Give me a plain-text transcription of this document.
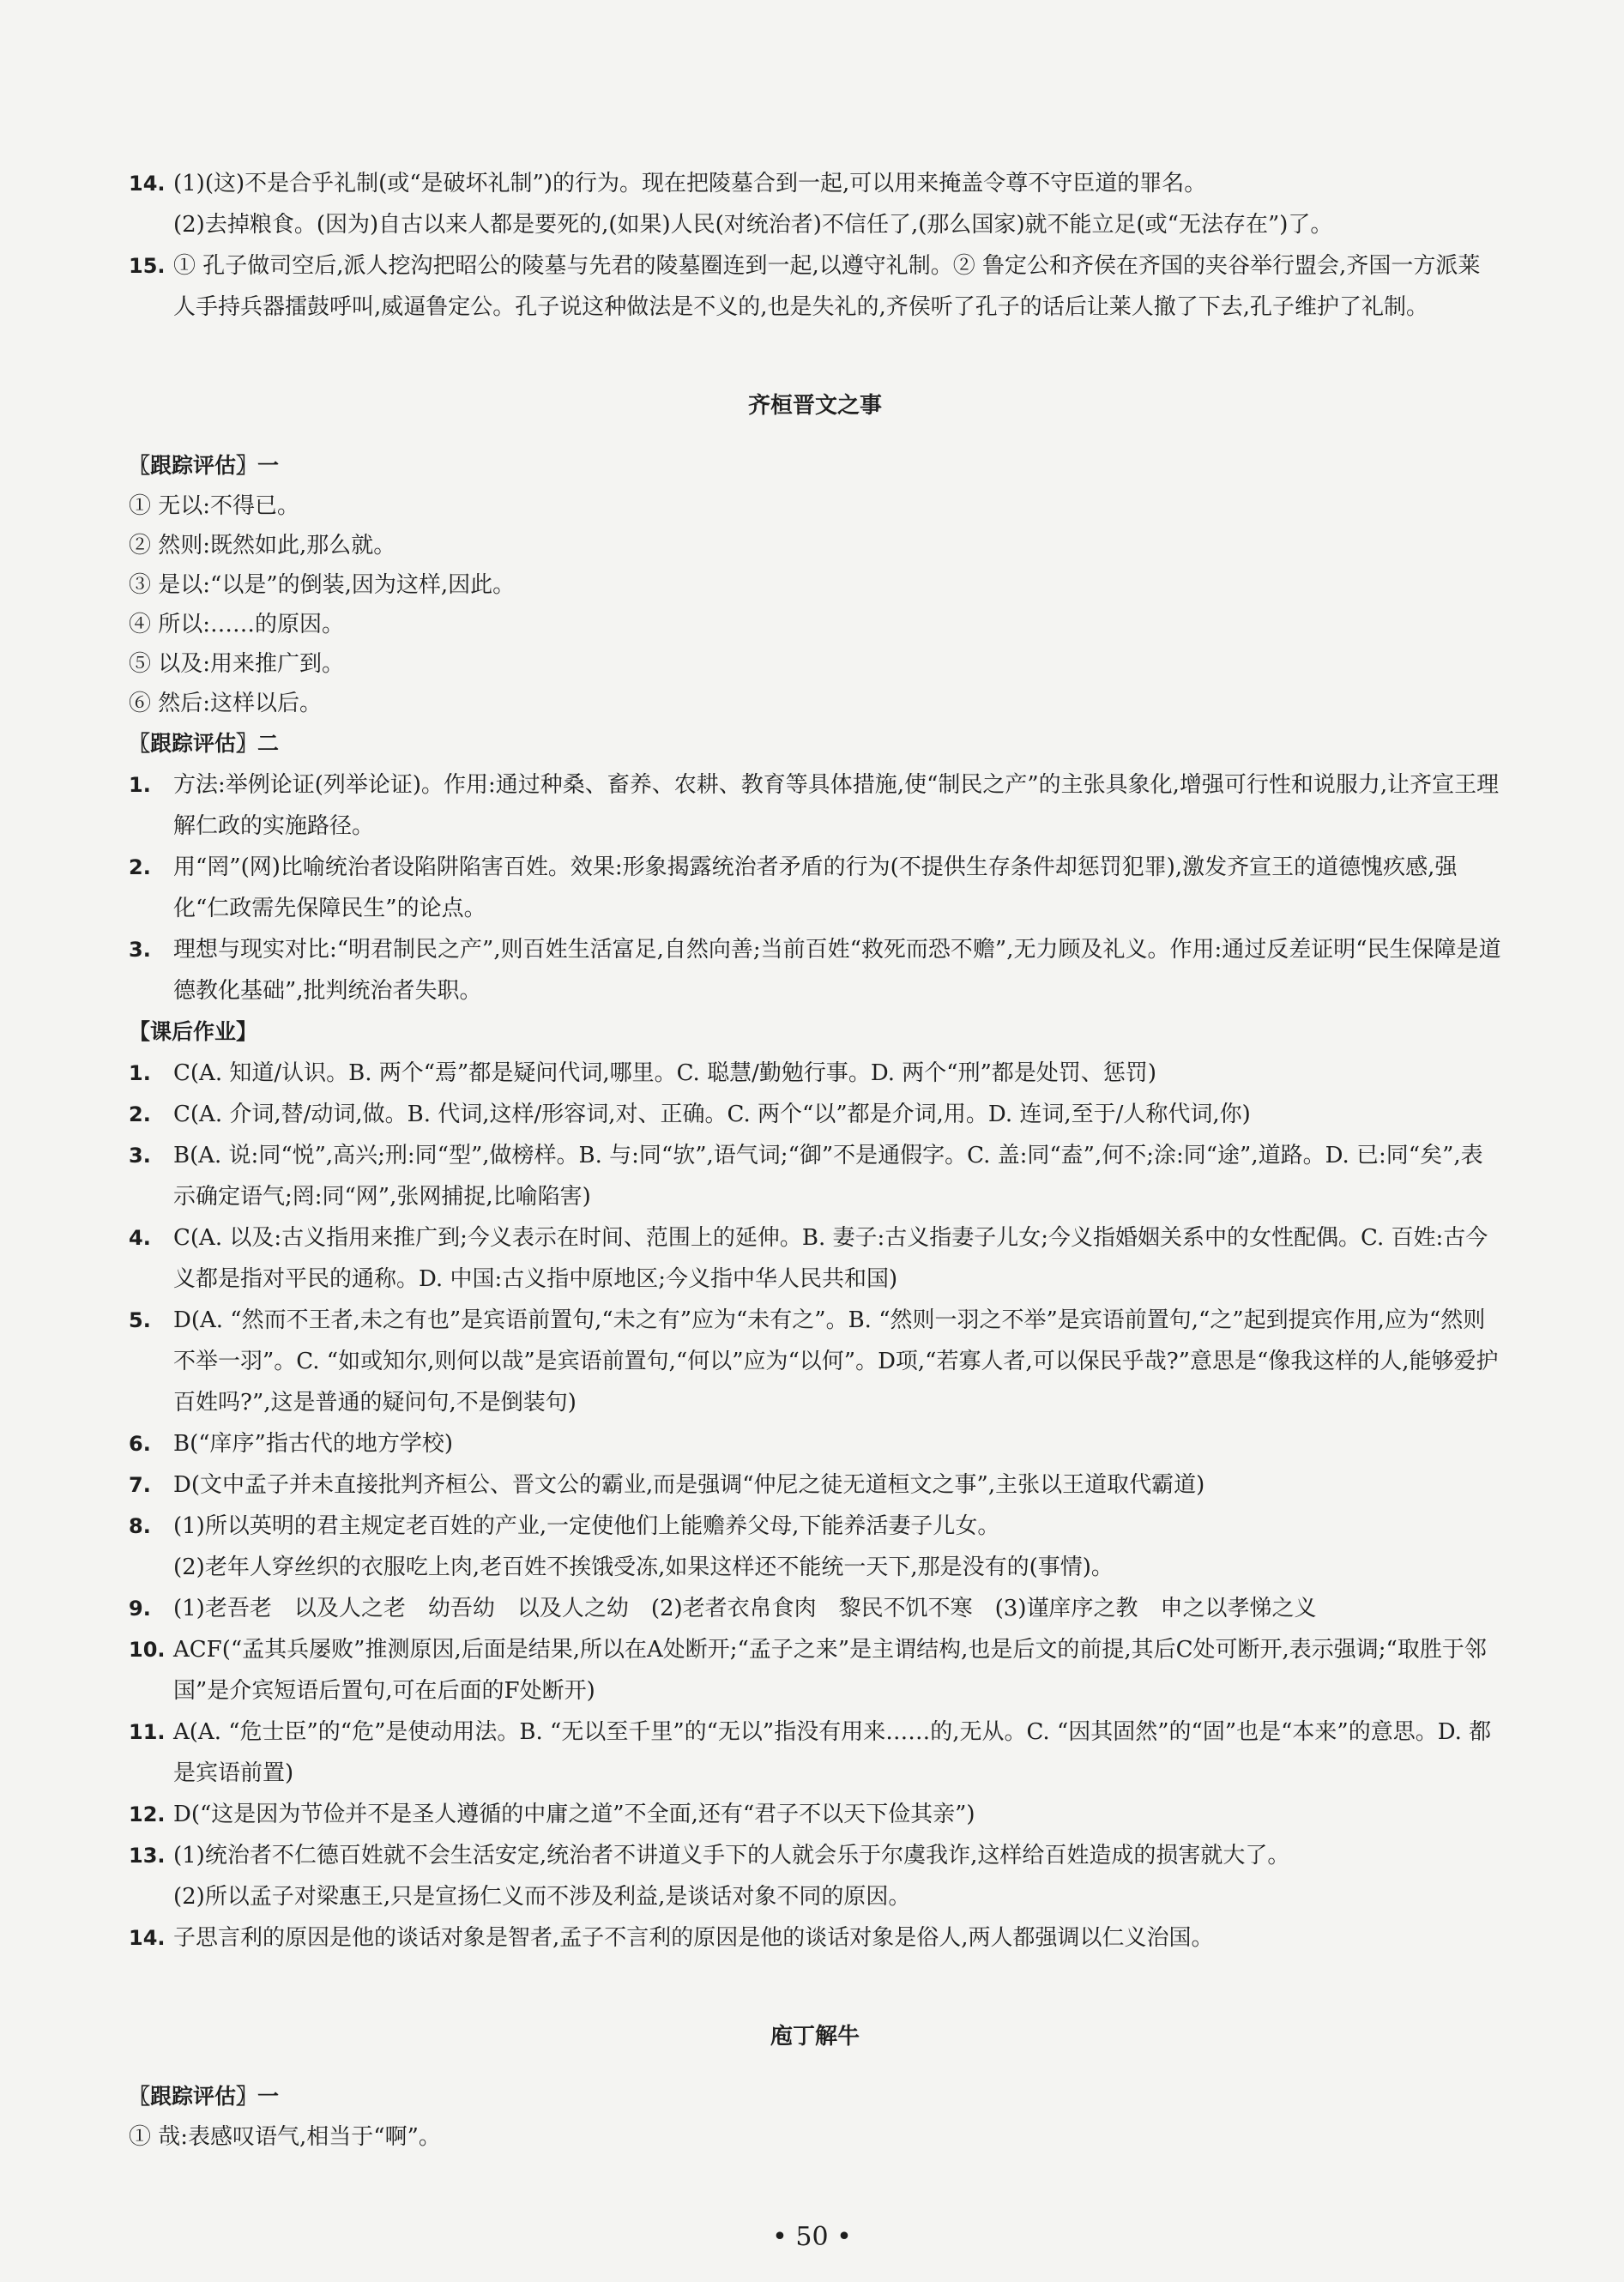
14. (1)(这)不是合乎礼制(或“是破坏礼制”)的行为。现在把陵墓合到一起,可以用来掩盖令尊不守臣道的罪名。
(2)去掉粮食。(因为)自古以来人都是要死的,(如果)人民(对统治者)不信任了,(那么国家)就不能立足(或“无法存在”)了。
15. ① 孔子做司空后,派人挖沟把昭公的陵墓与先君的陵墓圈连到一起,以遵守礼制。② 鲁定公和齐侯在齐国的夹谷举行盟会,齐国一方派莱人手持兵器擂鼓呼叫,威逼鲁定公。孔子说这种做法是不义的,也是失礼的,齐侯听了孔子的话后让莱人撤了下去,孔子维护了礼制。
齐桓晋文之事
〖跟踪评估〗一
① 无以:不得已。
② 然则:既然如此,那么就。
③ 是以:“以是”的倒装,因为这样,因此。
④ 所以:……的原因。
⑤ 以及:用来推广到。
⑥ 然后:这样以后。
〖跟踪评估〗二
1.	方法:举例论证(列举论证)。作用:通过种桑、畜养、农耕、教育等具体措施,使“制民之产”的主张具象化,增强可行性和说服力,让齐宣王理解仁政的实施路径。
2.	用“罔”(网)比喻统治者设陷阱陷害百姓。效果:形象揭露统治者矛盾的行为(不提供生存条件却惩罚犯罪),激发齐宣王的道德愧疚感,强化“仁政需先保障民生”的论点。
3.	理想与现实对比:“明君制民之产”,则百姓生活富足,自然向善;当前百姓“救死而恐不赡”,无力顾及礼义。作用:通过反差证明“民生保障是道德教化基础”,批判统治者失职。
【课后作业】
1.	C(A. 知道/认识。B. 两个“焉”都是疑问代词,哪里。C. 聪慧/勤勉行事。D. 两个“刑”都是处罚、惩罚)
2.	C(A. 介词,替/动词,做。B. 代词,这样/形容词,对、正确。C. 两个“以”都是介词,用。D. 连词,至于/人称代词,你)
3.	B(A. 说:同“悦”,高兴;刑:同“型”,做榜样。B. 与:同“欤”,语气词;“御”不是通假字。C. 盖:同“盍”,何不;涂:同“途”,道路。D. 已:同“矣”,表示确定语气;罔:同“网”,张网捕捉,比喻陷害)
4.	C(A. 以及:古义指用来推广到;今义表示在时间、范围上的延伸。B. 妻子:古义指妻子儿女;今义指婚姻关系中的女性配偶。C. 百姓:古今义都是指对平民的通称。D. 中国:古义指中原地区;今义指中华人民共和国)
5.	D(A. “然而不王者,未之有也”是宾语前置句,“未之有”应为“未有之”。B. “然则一羽之不举”是宾语前置句,“之”起到提宾作用,应为“然则不举一羽”。C. “如或知尔,则何以哉”是宾语前置句,“何以”应为“以何”。D项,“若寡人者,可以保民乎哉?”意思是“像我这样的人,能够爱护百姓吗?”,这是普通的疑问句,不是倒装句)
6.	B(“庠序”指古代的地方学校)
7.	D(文中孟子并未直接批判齐桓公、晋文公的霸业,而是强调“仲尼之徒无道桓文之事”,主张以王道取代霸道)
8.	(1)所以英明的君主规定老百姓的产业,一定使他们上能赡养父母,下能养活妻子儿女。
(2)老年人穿丝织的衣服吃上肉,老百姓不挨饿受冻,如果这样还不能统一天下,那是没有的(事情)。
9.	(1)老吾老　以及人之老　幼吾幼　以及人之幼　(2)老者衣帛食肉　黎民不饥不寒　(3)谨庠序之教　申之以孝悌之义
10. ACF(“孟其兵屡败”推测原因,后面是结果,所以在A处断开;“孟子之来”是主谓结构,也是后文的前提,其后C处可断开,表示强调;“取胜于邻国”是介宾短语后置句,可在后面的F处断开)
11. A(A. “危士臣”的“危”是使动用法。B. “无以至千里”的“无以”指没有用来……的,无从。C. “因其固然”的“固”也是“本来”的意思。D. 都是宾语前置)
12. D(“这是因为节俭并不是圣人遵循的中庸之道”不全面,还有“君子不以天下俭其亲”)
13. (1)统治者不仁德百姓就不会生活安定,统治者不讲道义手下的人就会乐于尔虞我诈,这样给百姓造成的损害就大了。
(2)所以孟子对梁惠王,只是宣扬仁义而不涉及利益,是谈话对象不同的原因。
14. 子思言利的原因是他的谈话对象是智者,孟子不言利的原因是他的谈话对象是俗人,两人都强调以仁义治国。
庖丁解牛
〖跟踪评估〗一
① 哉:表感叹语气,相当于“啊”。
• 50 •
